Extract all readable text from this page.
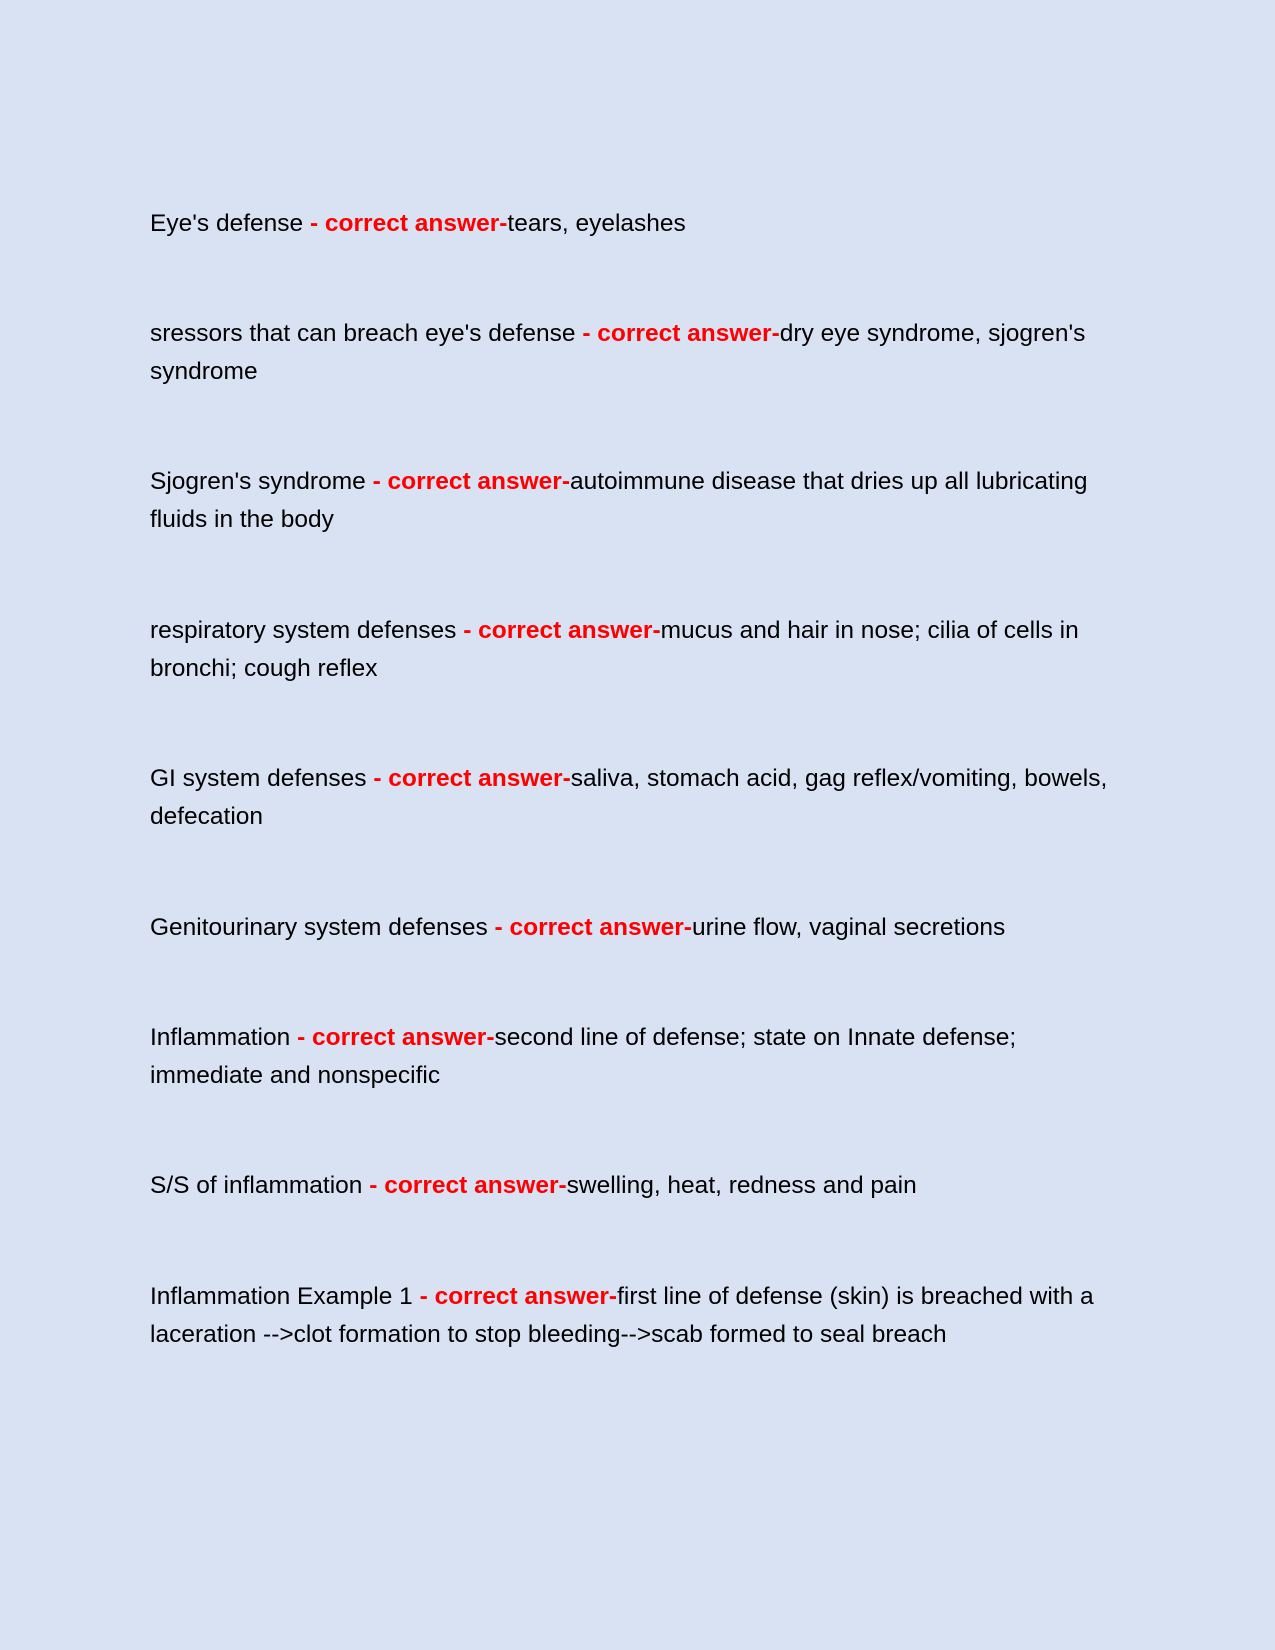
Eye's defense - correct answer-tears, eyelashes

sressors that can breach eye's defense - correct answer-dry eye syndrome, sjogren's syndrome

Sjogren's syndrome - correct answer-autoimmune disease that dries up all lubricating fluids in the body

respiratory system defenses - correct answer-mucus and hair in nose; cilia of cells in bronchi; cough reflex

GI system defenses - correct answer-saliva, stomach acid, gag reflex/vomiting, bowels, defecation

Genitourinary system defenses - correct answer-urine flow, vaginal secretions

Inflammation - correct answer-second line of defense; state on Innate defense; immediate and nonspecific

S/S of inflammation - correct answer-swelling, heat, redness and pain

Inflammation Example 1 - correct answer-first line of defense (skin) is breached with a laceration -->clot formation to stop bleeding-->scab formed to seal breach
